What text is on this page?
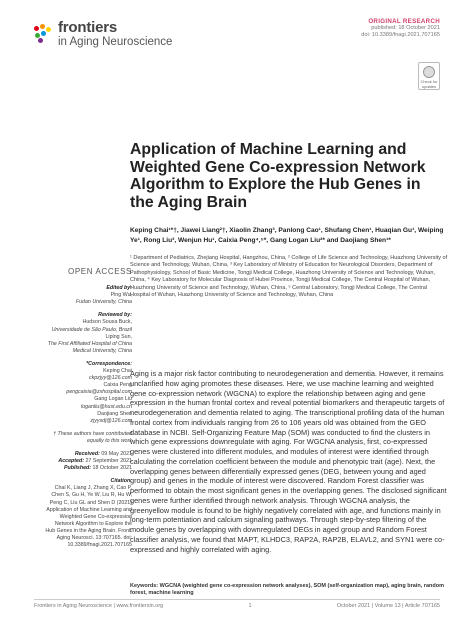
frontiers
in Aging Neuroscience
ORIGINAL RESEARCH
published: 18 October 2021
doi: 10.3389/fnagi.2021.707165
Check for updates
Application of Machine Learning and Weighted Gene Co-expression Network Algorithm to Explore the Hub Genes in the Aging Brain

Keping Chai¹*†, Jiawei Liang²†, Xiaolin Zhang³, Panlong Cao¹, Shufang Chen¹, Huaqian Gu¹, Weiping Ye¹, Rong Liu³, Wenjun Hu¹, Caixia Peng⁴,⁵*, Gang Logan Liu²* and Daojiang Shen¹*

¹ Department of Pediatrics, Zhejiang Hospital, Hangzhou, China, ² College of Life Science and Technology, Huazhong University of Science and Technology, Wuhan, China, ³ Key Laboratory of Ministry of Education for Neurological Disorders, Department of Pathophysiology, School of Basic Medicine, Tongji Medical College, Huazhong University of Science and Technology, Wuhan, China, ⁴ Key Laboratory for Molecular Diagnosis of Hubei Province, Tongji Medical College, The Central Hospital of Wuhan, Huazhong University of Science and Technology, Wuhan, China, ⁵ Central Laboratory, Tongji Medical College, The Central Hospital of Wuhan, Huazhong University of Science and Technology, Wuhan, China

OPEN ACCESS
Edited by:
Ping Wu,
Fudan University, China
Reviewed by:
Hudson Sousa Buck,
Universidade de São Paulo, Brazil
Liping Sun,
The First Affiliated Hospital of China Medical University, China
*Correspondence:
Keping Chai
ckpzjyy@126.com
Caixia Peng
pengcaixia@zxhospital.com
Gang Logan Liu
loganliu@hust.edu.cn
Daojiang Shen
zjyysdj@126.com
† These authors have contributed equally to this work
Received: 09 May 2021
Accepted: 27 September 2021
Published: 18 October 2021
Citation:
Chai K, Liang J, Zhang X, Cao P, Chen S, Gu H, Ye W, Liu R, Hu W, Peng C, Liu GL and Shen D (2021) Application of Machine Learning and Weighted Gene Co-expression Network Algorithm to Explore the Hub Genes in the Aging Brain. Front. Aging Neurosci. 13:707165. doi: 10.3389/fnagi.2021.707165

Aging is a major risk factor contributing to neurodegeneration and dementia. However, it remains unclarified how aging promotes these diseases. Here, we use machine learning and weighted gene co-expression network (WGCNA) to explore the relationship between aging and gene expression in the human frontal cortex and reveal potential biomarkers and therapeutic targets of neurodegeneration and dementia related to aging. The transcriptional profiling data of the human frontal cortex from individuals ranging from 26 to 106 years old was obtained from the GEO database in NCBI. Self-Organizing Feature Map (SOM) was conducted to find the clusters in which gene expressions downregulate with aging. For WGCNA analysis, first, co-expressed genes were clustered into different modules, and modules of interest were identified through calculating the correlation coefficient between the module and phenotypic trait (age). Next, the overlapping genes between differentially expressed genes (DEG, between young and aged group) and genes in the module of interest were discovered. Random Forest classifier was performed to obtain the most significant genes in the overlapping genes. The disclosed significant genes were further identified through network analysis. Through WGCNA analysis, the greenyellow module is found to be highly negatively correlated with age, and functions mainly in long-term potentiation and calcium signaling pathways. Through step-by-step filtering of the module genes by overlapping with downregulated DEGs in aged group and Random Forest classifier analysis, we found that MAPT, KLHDC3, RAP2A, RAP2B, ELAVL2, and SYN1 were co-expressed and highly correlated with aging.

Keywords: WGCNA (weighted gene co-expression network analyses), SOM (self-organization map), aging brain, random forest, machine learning

Frontiers in Aging Neuroscience | www.frontiersin.org	1	October 2021 | Volume 13 | Article 707165
